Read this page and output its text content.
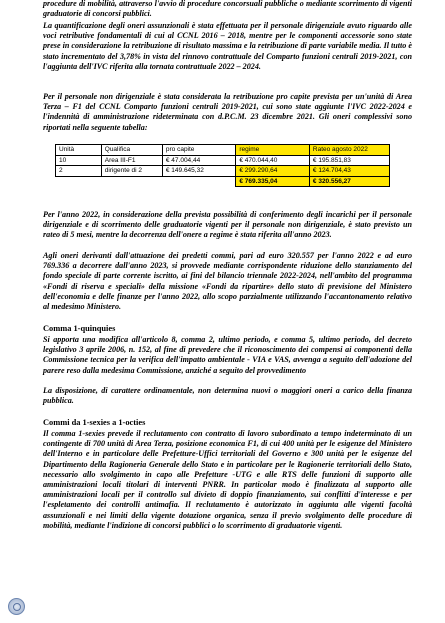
procedure di mobilità, attraverso l'avvio di procedure concorsuali pubbliche o mediante scorrimento di vigenti graduatorie di concorsi pubblici.

La quantificazione degli oneri assunzionali è stata effettuata per il personale dirigenziale avuto riguardo alle voci retributive fondamentali di cui al CCNL 2016 – 2018, mentre per le componenti accessorie sono state prese in considerazione la retribuzione di risultato massima e la retribuzione di parte variabile media. Il tutto è stato incrementato del 3,78% in vista del rinnovo contrattuale del Comparto funzioni centrali 2019-2021, con l'aggiunta dell'IVC riferita alla tornata contrattuale 2022 – 2024.

Per il personale non dirigenziale è stata considerata la retribuzione pro capite prevista per un'unità di Area Terza – F1 del CCNL Comparto funzioni centrali 2019-2021, cui sono state aggiunte l'IVC 2022-2024 e l'indennità di amministrazione rideterminata con d.P.C.M. 23 dicembre 2021. Gli oneri complessivi sono riportati nella seguente tabella:

Unità	Qualifica	pro capite	regime	Rateo agosto 2022
10	Area III-F1	€ 47.004,44	€ 470.044,40	€ 195.851,83
2	dirigente di 2	€ 149.645,32	€ 299.290,64	€ 124.704,43
			€ 769.335,04	€ 320.556,27

Per l'anno 2022, in considerazione della prevista possibilità di conferimento degli incarichi per il personale dirigenziale e di scorrimento delle graduatorie vigenti per il personale non dirigenziale, è stato previsto un rateo di 5 mesi, mentre la decorrenza dell'onere a regime è stata riferita all'anno 2023.

Agli oneri derivanti dall'attuazione dei predetti commi, pari ad euro 320.557 per l'anno 2022 e ad euro 769.336 a decorrere dall'anno 2023, si provvede mediante corrispondente riduzione dello stanziamento del fondo speciale di parte corrente iscritto, ai fini del bilancio triennale 2022-2024, nell'ambito del programma «Fondi di riserva e speciali» della missione «Fondi da ripartire» dello stato di previsione del Ministero dell'economia e delle finanze per l'anno 2022, allo scopo parzialmente utilizzando l'accantonamento relativo al medesimo Ministero.

Comma 1-quinquies

Si apporta una modifica all'articolo 8, comma 2, ultimo periodo, e comma 5, ultimo periodo, del decreto legislativo 3 aprile 2006, n. 152, al fine di prevedere che il riconoscimento dei compensi ai componenti della Commissione tecnica per la verifica dell'impatto ambientale - VIA e VAS, avvenga a seguito dell'adozione del parere reso dalla medesima Commissione, anziché a seguito del provvedimento

La disposizione, di carattere ordinamentale, non determina nuovi o maggiori oneri a carico della finanza pubblica.

Commi da 1-sexies a 1-octies

Il comma 1-sexies prevede il reclutamento con contratto di lavoro subordinato a tempo indeterminato di un contingente di 700 unità di Area Terza, posizione economica F1, di cui 400 unità per le esigenze del Ministero dell'Interno e in particolare delle Prefetture-Uffici territoriali del Governo e 300 unità per le esigenze del Dipartimento della Ragioneria Generale dello Stato e in particolare per le Ragionerie territoriali dello Stato, necessario allo svolgimento in capo alle Prefetture -UTG e alle RTS delle funzioni di supporto alle amministrazioni locali titolari di interventi PNRR. In particolar modo è finalizzata al supporto alle amministrazioni locali per il controllo sul divieto di doppio finanziamento, sui conflitti d'interesse e per l'espletamento dei controlli antimafia. Il reclutamento è autorizzato in aggiunta alle vigenti facoltà assunzionali e nei limiti della vigente dotazione organica, senza il previo svolgimento delle procedure di mobilità, mediante l'indizione di concorsi pubblici o lo scorrimento di graduatorie vigenti.
